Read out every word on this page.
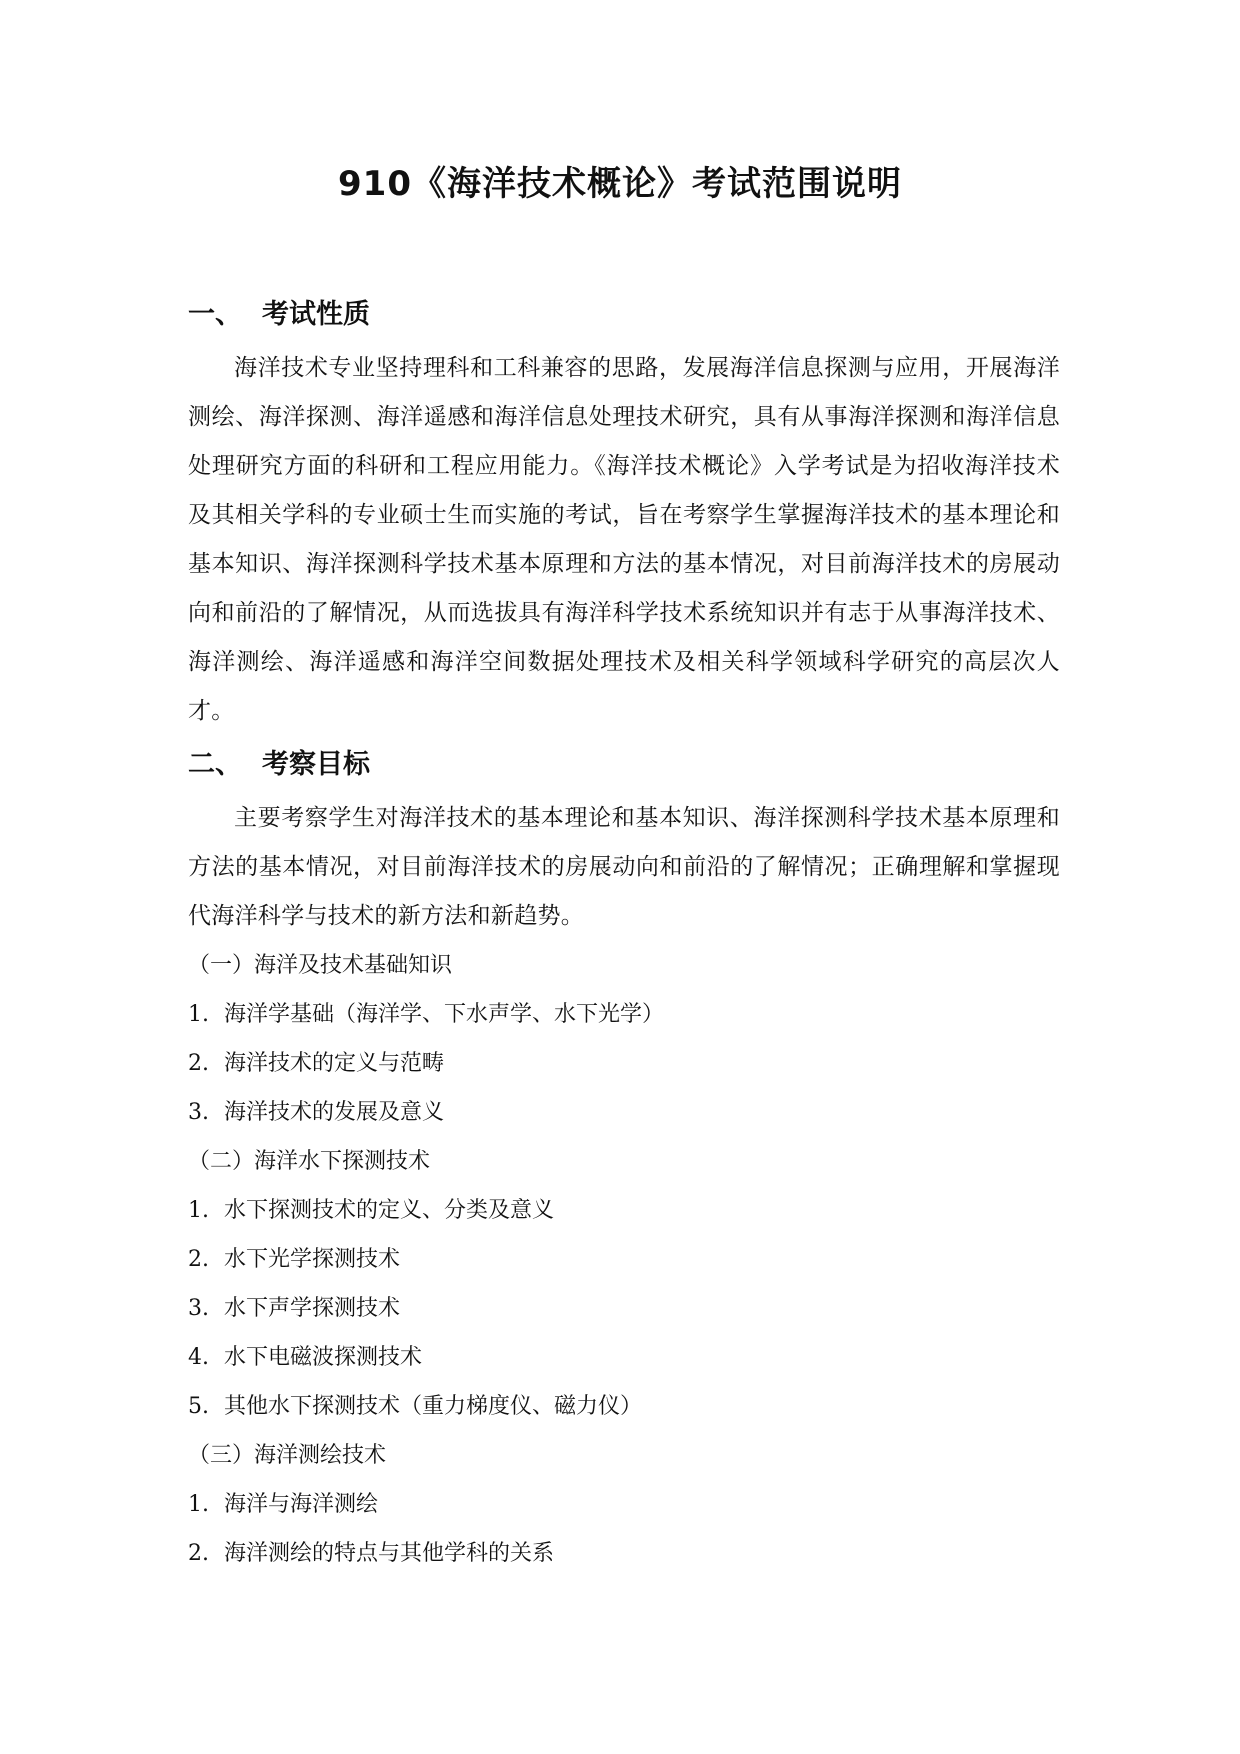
910《海洋技术概论》考试范围说明
一、 考试性质

海洋技术专业坚持理科和工科兼容的思路，发展海洋信息探测与应用，开展海洋测绘、海洋探测、海洋遥感和海洋信息处理技术研究，具有从事海洋探测和海洋信息处理研究方面的科研和工程应用能力。《海洋技术概论》入学考试是为招收海洋技术及其相关学科的专业硕士生而实施的考试，旨在考察学生掌握海洋技术的基本理论和基本知识、海洋探测科学技术基本原理和方法的基本情况，对目前海洋技术的房展动向和前沿的了解情况，从而选拔具有海洋科学技术系统知识并有志于从事海洋技术、海洋测绘、海洋遥感和海洋空间数据处理技术及相关科学领域科学研究的高层次人才。

二、 考察目标

主要考察学生对海洋技术的基本理论和基本知识、海洋探测科学技术基本原理和方法的基本情况，对目前海洋技术的房展动向和前沿的了解情况；正确理解和掌握现代海洋科学与技术的新方法和新趋势。

（一）海洋及技术基础知识
1. 海洋学基础（海洋学、下水声学、水下光学）
2. 海洋技术的定义与范畴
3. 海洋技术的发展及意义
（二）海洋水下探测技术
1. 水下探测技术的定义、分类及意义
2. 水下光学探测技术
3. 水下声学探测技术
4. 水下电磁波探测技术
5. 其他水下探测技术（重力梯度仪、磁力仪）
（三）海洋测绘技术
1. 海洋与海洋测绘
2. 海洋测绘的特点与其他学科的关系
